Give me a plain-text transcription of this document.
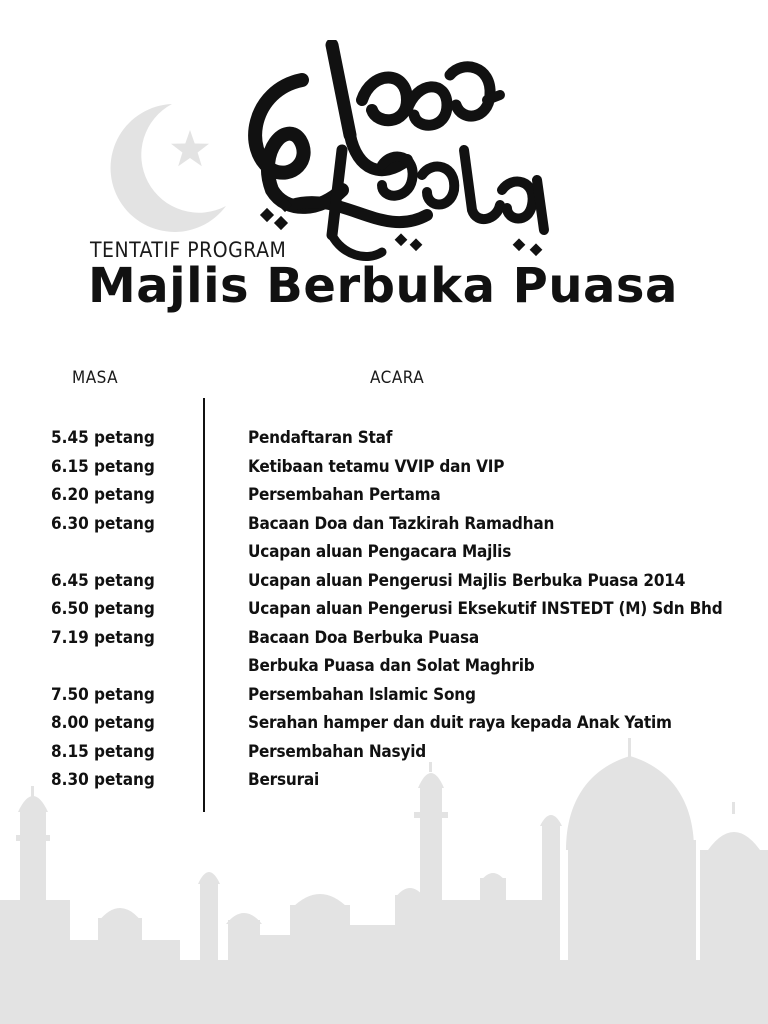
TENTATIF PROGRAM
Majlis Berbuka Puasa
MASA	ACARA
5.45 petang	Pendaftaran Staf
6.15 petang	Ketibaan tetamu VVIP dan VIP
6.20 petang	Persembahan Pertama
6.30 petang	Bacaan Doa dan Tazkirah Ramadhan
Ucapan aluan Pengacara Majlis
6.45 petang	Ucapan aluan Pengerusi Majlis Berbuka Puasa 2014
6.50 petang	Ucapan aluan Pengerusi Eksekutif INSTEDT (M) Sdn Bhd
7.19 petang	Bacaan Doa Berbuka Puasa
Berbuka Puasa dan Solat Maghrib
7.50 petang	Persembahan Islamic Song
8.00 petang	Serahan hamper dan duit raya kepada Anak Yatim
8.15 petang	Persembahan Nasyid
8.30 petang	Bersurai
